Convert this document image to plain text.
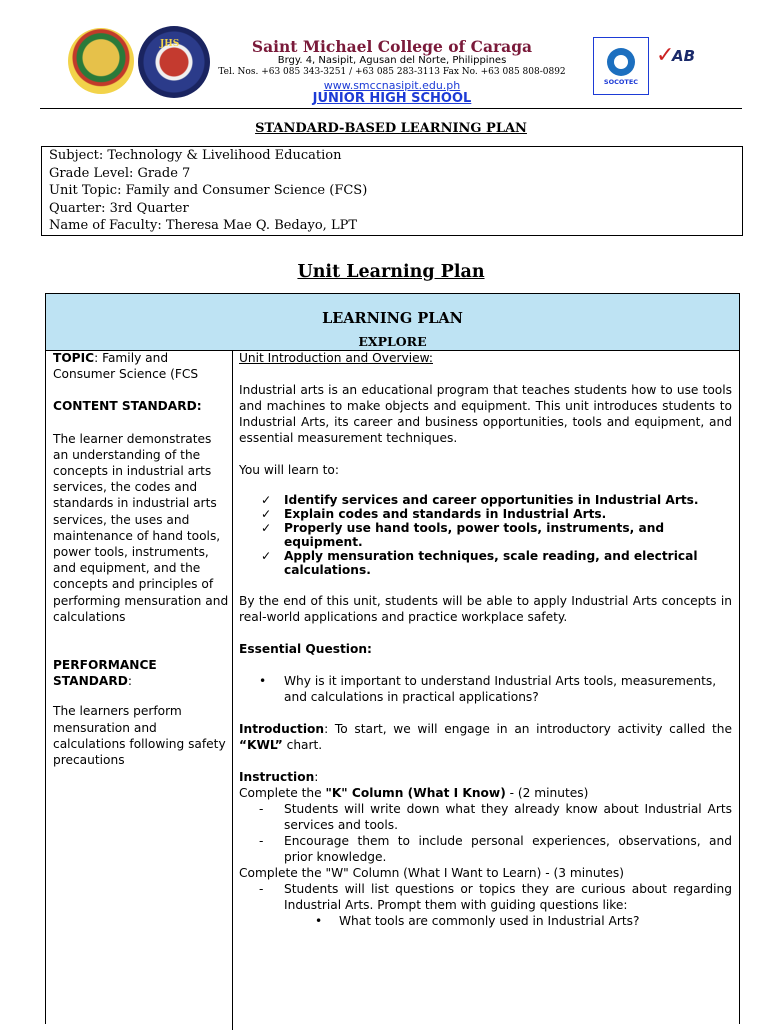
JHS	Saint Michael College of Caraga
Brgy. 4, Nasipit, Agusan del Norte, Philippines
Tel. Nos. +63 085 343-3251 / +63 085 283-3113 Fax No. +63 085 808-0892
www.smccnasipit.edu.ph
JUNIOR HIGH SCHOOL
SOCOTEC
✓
AB
STANDARD-BASED LEARNING PLAN
Subject: Technology & Livelihood Education
Grade Level: Grade 7
Unit Topic: Family and Consumer Science (FCS)
Quarter: 3rd Quarter
Name of Faculty: Theresa Mae Q. Bedayo, LPT
Unit Learning Plan
LEARNING PLAN
EXPLORE

TOPIC: Family and Consumer Science (FCS

CONTENT STANDARD:

The learner demonstrates an understanding of the concepts in industrial arts services, the codes and standards in industrial arts services, the uses and maintenance of hand tools, power tools, instruments, and equipment, and the concepts and principles of performing mensuration and calculations

PERFORMANCE STANDARD:

The learners perform mensuration and calculations following safety precautions

Unit Introduction and Overview:

Industrial arts is an educational program that teaches students how to use tools and machines to make objects and equipment. This unit introduces students to Industrial Arts, its career and business opportunities, tools and equipment, and essential measurement techniques.

You will learn to:

✓ Identify services and career opportunities in Industrial Arts.
✓ Explain codes and standards in Industrial Arts.
✓ Properly use hand tools, power tools, instruments, and equipment.
✓ Apply mensuration techniques, scale reading, and electrical calculations.

By the end of this unit, students will be able to apply Industrial Arts concepts in real-world applications and practice workplace safety.

Essential Question:

• Why is it important to understand Industrial Arts tools, measurements, and calculations in practical applications?

Introduction: To start, we will engage in an introductory activity called the “KWL” chart.

Instruction:

Complete the "K" Column (What I Know) - (2 minutes)

- Students will write down what they already know about Industrial Arts services and tools.
- Encourage them to include personal experiences, observations, and prior knowledge.

Complete the "W" Column (What I Want to Learn) - (3 minutes)

- Students will list questions or topics they are curious about regarding Industrial Arts. Prompt them with guiding questions like:
• What tools are commonly used in Industrial Arts?
